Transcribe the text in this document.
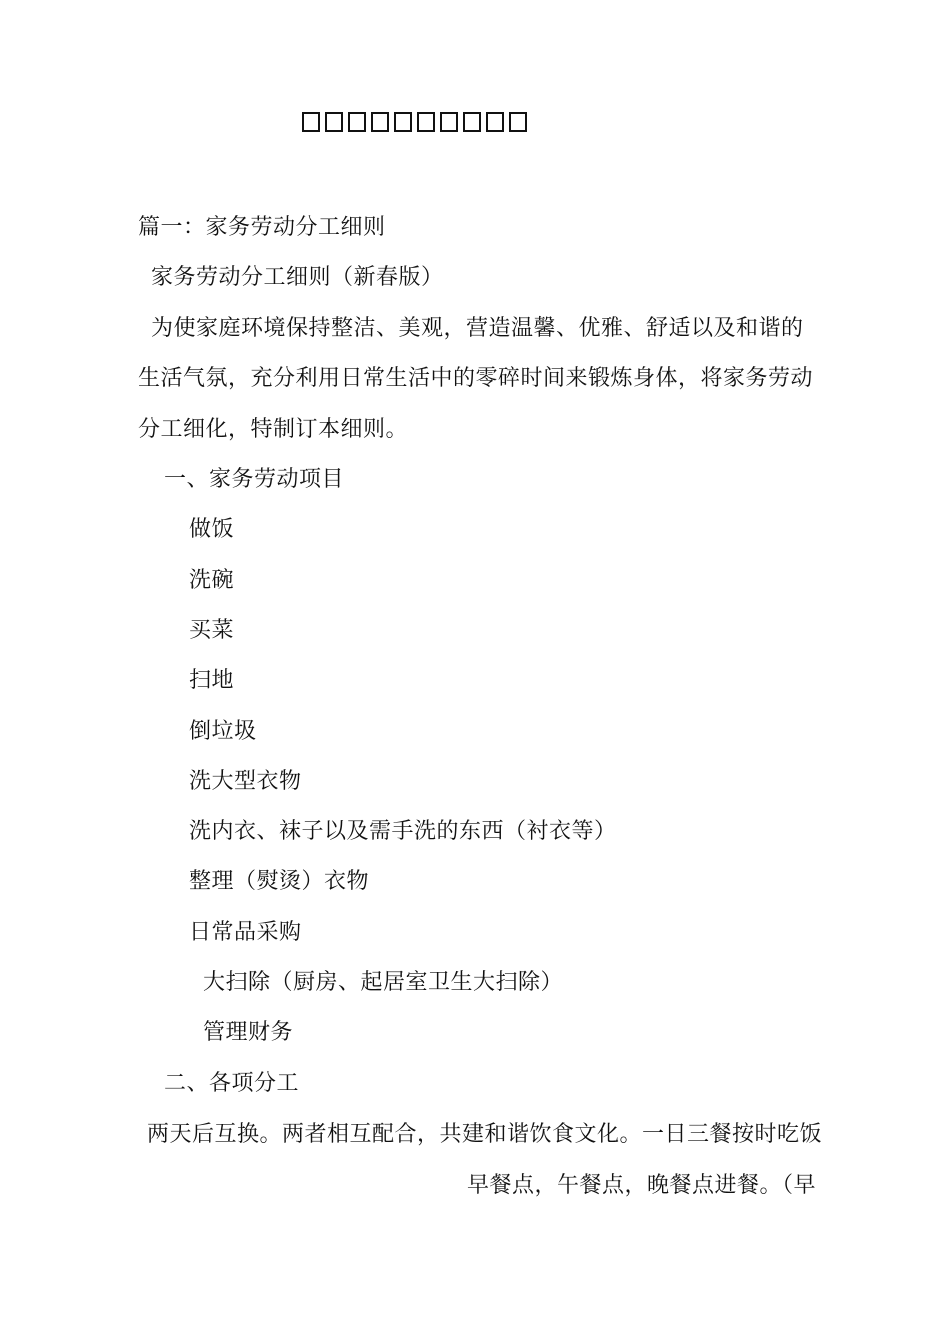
篇一：家务劳动分工细则
家务劳动分工细则（新春版）
为使家庭环境保持整洁、美观，营造温馨、优雅、舒适以及和谐的
生活气氛，充分利用日常生活中的零碎时间来锻炼身体，将家务劳动
分工细化，特制订本细则。
一、家务劳动项目
做饭
洗碗
买菜
扫地
倒垃圾
洗大型衣物
洗内衣、袜子以及需手洗的东西（衬衣等）
整理（熨烫）衣物
日常品采购
大扫除（厨房、起居室卫生大扫除）
管理财务
二、各项分工
两天后互换。两者相互配合，共建和谐饮食文化。一日三餐按时吃饭
早餐点，午餐点，晚餐点进餐。（早
